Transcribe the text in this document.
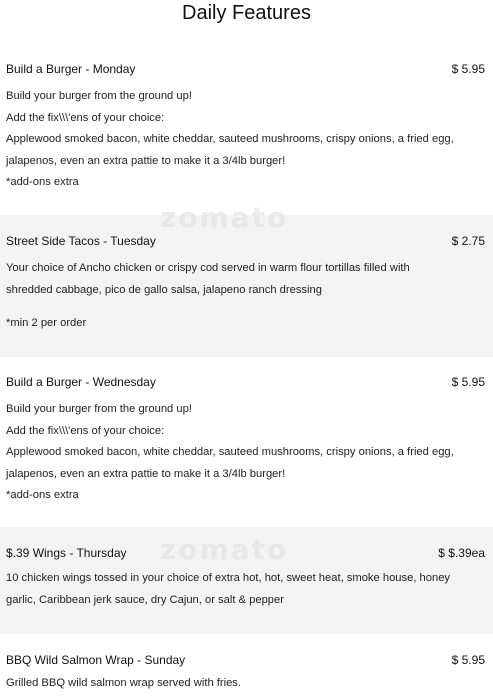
Daily Features
Build a Burger - Monday	$ 5.95
Build your burger from the ground up!
Add the fix\\\'ens of your choice:
Applewood smoked bacon, white cheddar, sauteed mushrooms, crispy onions, a fried egg,
jalapenos, even an extra pattie to make it a 3/4lb burger!
*add-ons extra
zomato
Street Side Tacos - Tuesday	$ 2.75
Your choice of Ancho chicken or crispy cod served in warm flour tortillas filled with
shredded cabbage, pico de gallo salsa, jalapeno ranch dressing
*min 2 per order
Build a Burger - Wednesday	$ 5.95
Build your burger from the ground up!
Add the fix\\\'ens of your choice:
Applewood smoked bacon, white cheddar, sauteed mushrooms, crispy onions, a fried egg,
jalapenos, even an extra pattie to make it a 3/4lb burger!
*add-ons extra
zomato
$.39 Wings - Thursday	$ $.39ea
10 chicken wings tossed in your choice of extra hot, hot, sweet heat, smoke house, honey
garlic, Caribbean jerk sauce, dry Cajun, or salt & pepper
BBQ Wild Salmon Wrap - Sunday	$ 5.95
Grilled BBQ wild salmon wrap served with fries.
